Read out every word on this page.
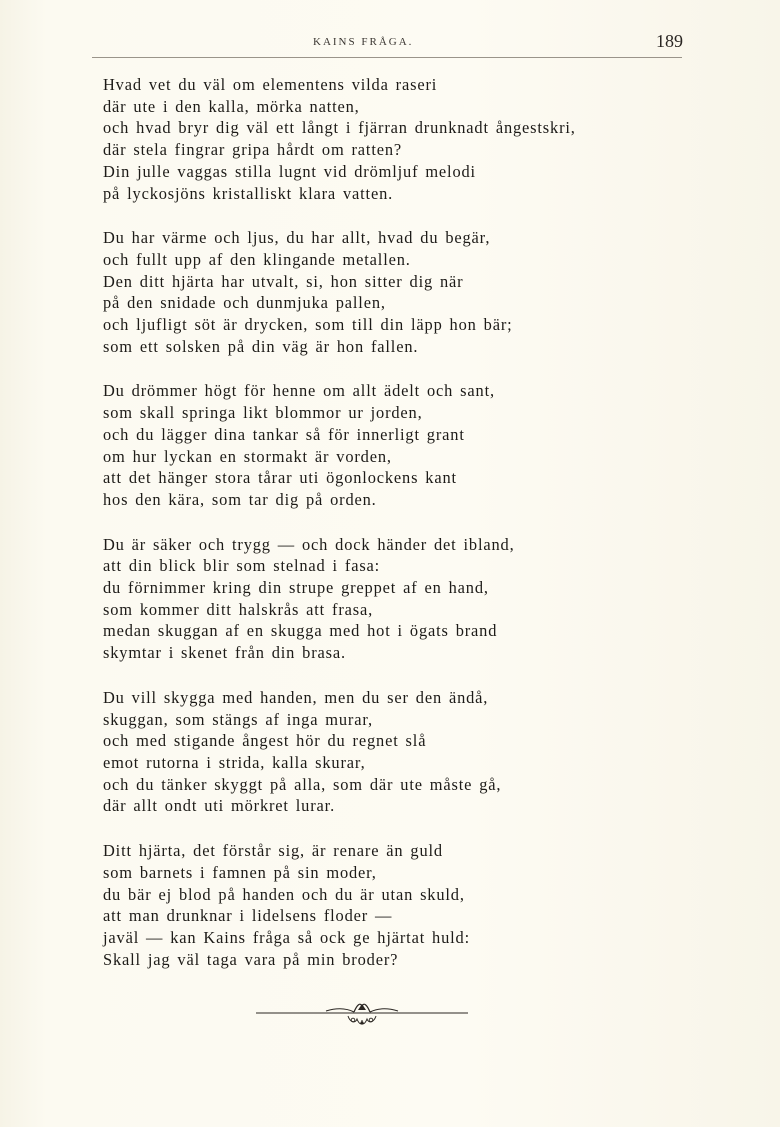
KAINS FRÅGA.	189
Hvad vet du väl om elementens vilda raseri
där ute i den kalla, mörka natten,
och hvad bryr dig väl ett långt i fjärran drunknadt ångestskri,
där stela fingrar gripa hårdt om ratten?
Din julle vaggas stilla lugnt vid drömljuf melodi
på lyckosjöns kristalliskt klara vatten.
Du har värme och ljus, du har allt, hvad du begär,
och fullt upp af den klingande metallen.
Den ditt hjärta har utvalt, si, hon sitter dig när
på den snidade och dunmjuka pallen,
och ljufligt söt är drycken, som till din läpp hon bär;
som ett solsken på din väg är hon fallen.
Du drömmer högt för henne om allt ädelt och sant,
som skall springa likt blommor ur jorden,
och du lägger dina tankar så för innerligt grant
om hur lyckan en stormakt är vorden,
att det hänger stora tårar uti ögonlockens kant
hos den kära, som tar dig på orden.
Du är säker och trygg — och dock händer det ibland,
att din blick blir som stelnad i fasa:
du förnimmer kring din strupe greppet af en hand,
som kommer ditt halskrås att frasa,
medan skuggan af en skugga med hot i ögats brand
skymtar i skenet från din brasa.
Du vill skygga med handen, men du ser den ändå,
skuggan, som stängs af inga murar,
och med stigande ångest hör du regnet slå
emot rutorna i strida, kalla skurar,
och du tänker skyggt på alla, som där ute måste gå,
där allt ondt uti mörkret lurar.
Ditt hjärta, det förstår sig, är renare än guld
som barnets i famnen på sin moder,
du bär ej blod på handen och du är utan skuld,
att man drunknar i lidelsens floder —
javäl — kan Kains fråga så ock ge hjärtat huld:
Skall jag väl taga vara på min broder?
